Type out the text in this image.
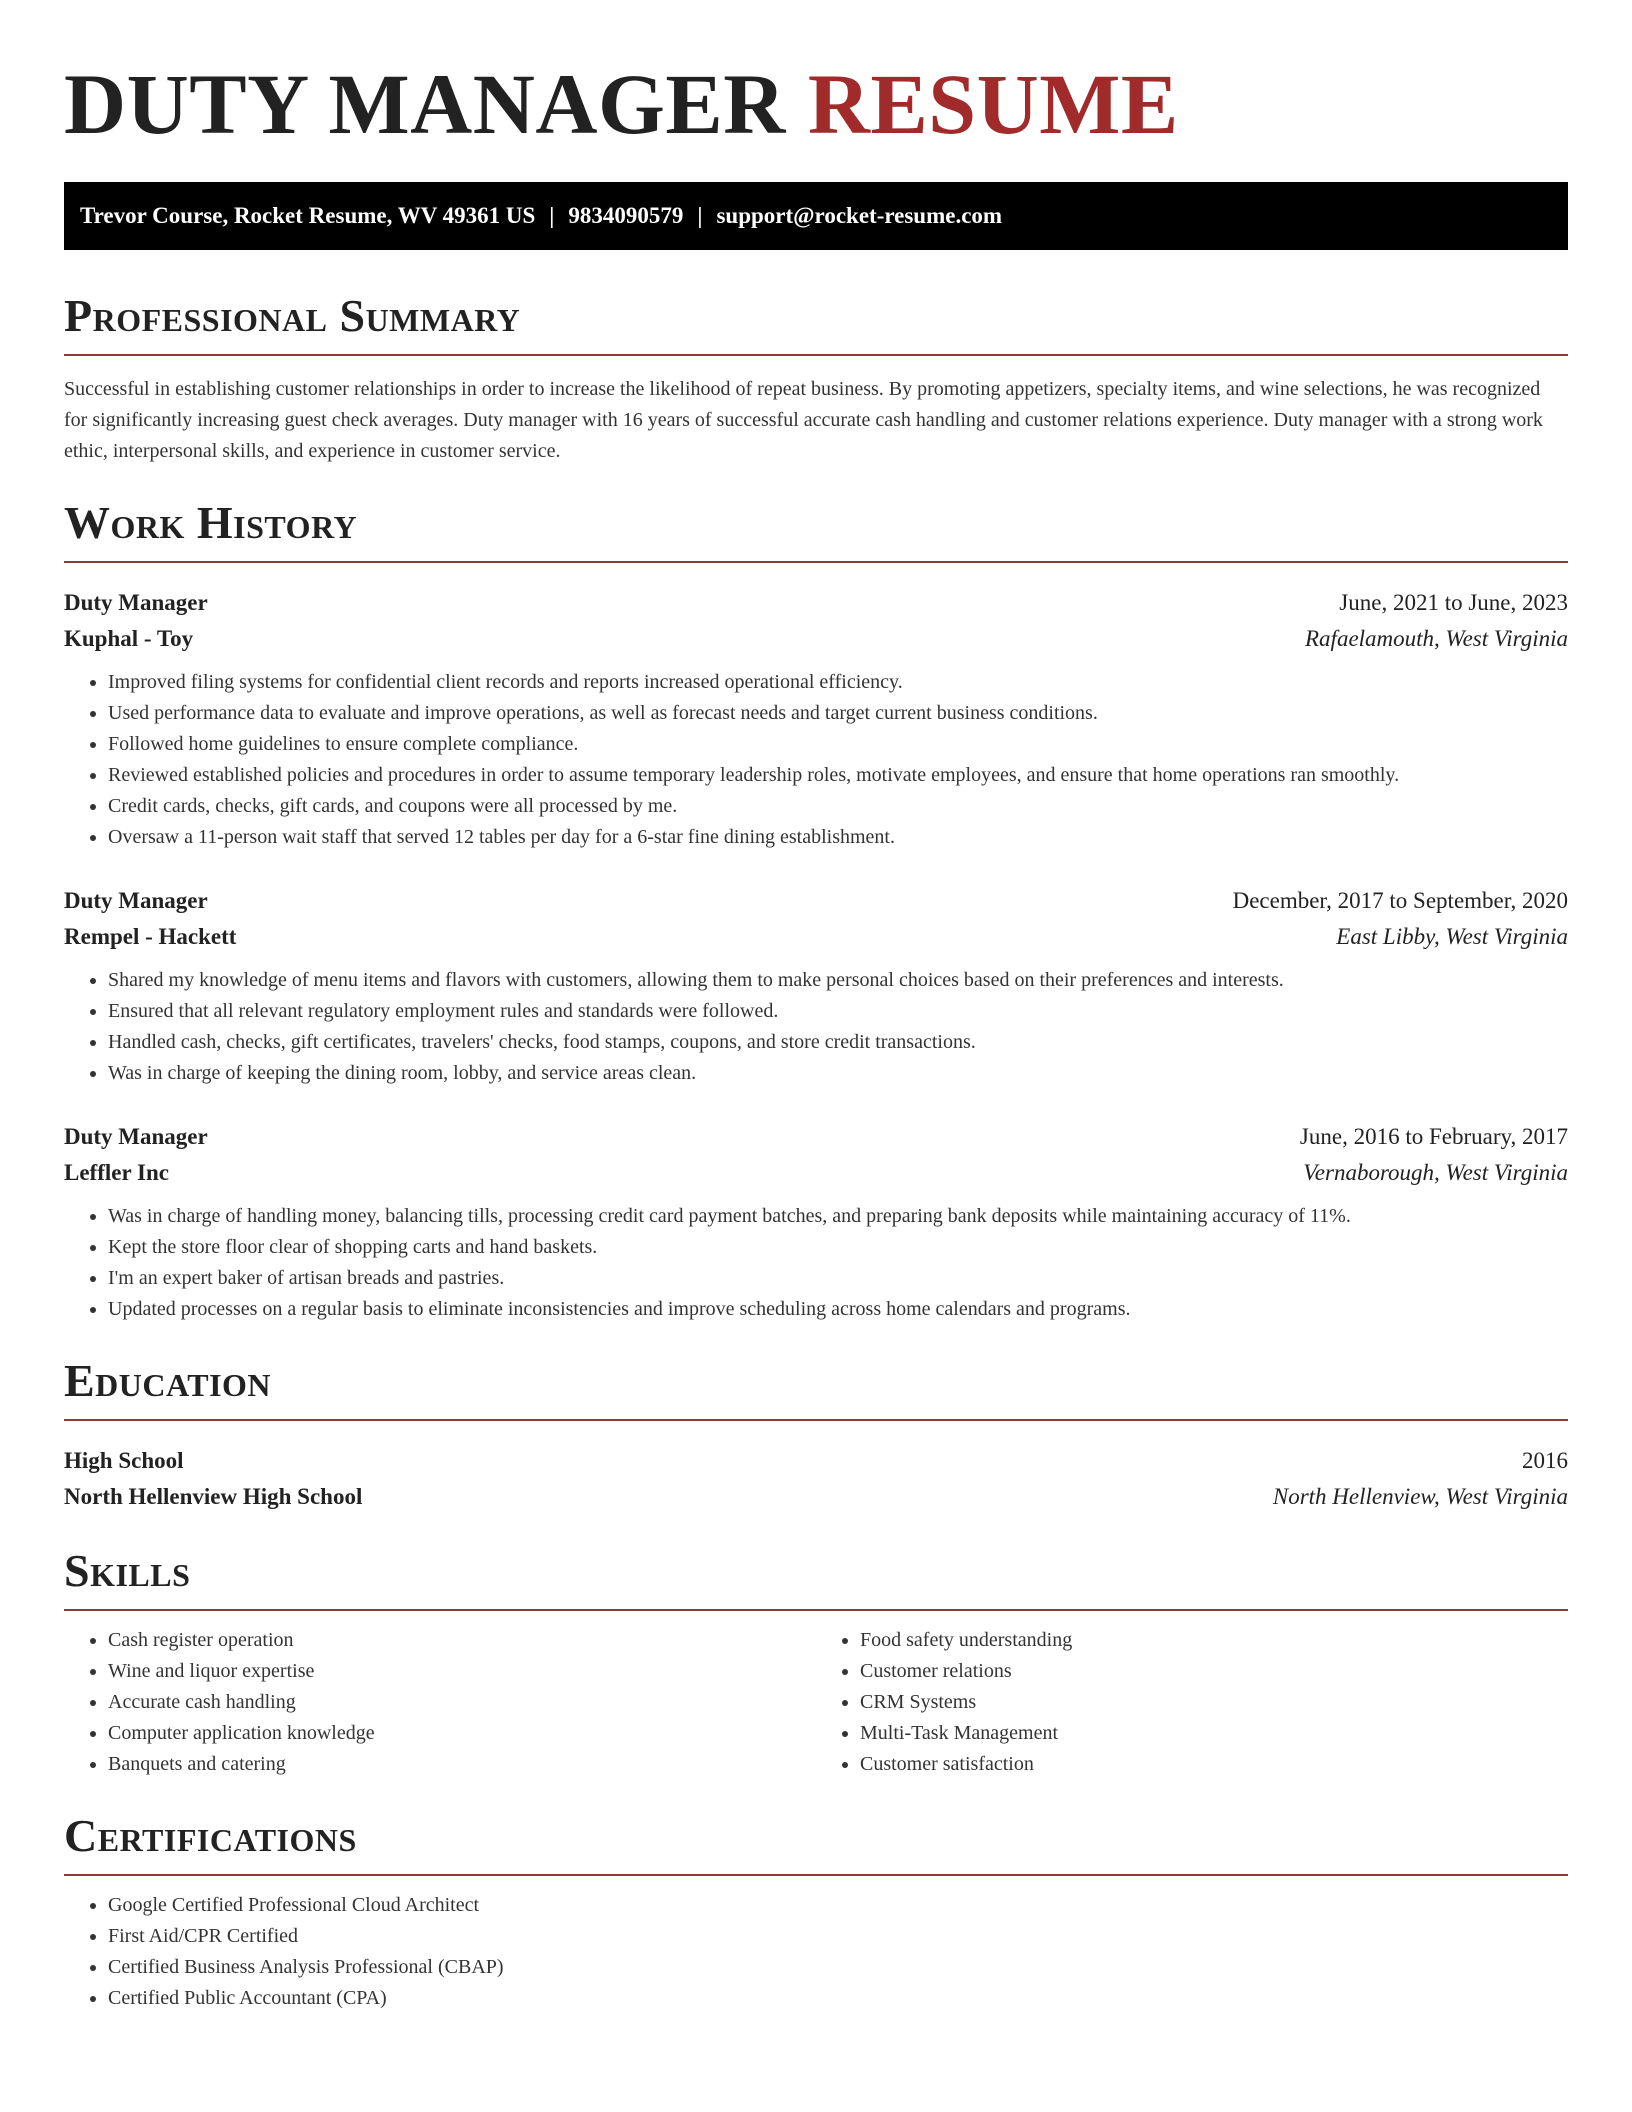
DUTY MANAGER RESUME
Trevor Course, Rocket Resume, WV 49361 US | 9834090579 | support@rocket-resume.com
Professional Summary

Successful in establishing customer relationships in order to increase the likelihood of repeat business. By promoting appetizers, specialty items, and wine selections, he was recognized for significantly increasing guest check averages. Duty manager with 16 years of successful accurate cash handling and customer relations experience. Duty manager with a strong work ethic, interpersonal skills, and experience in customer service.

Work History
Duty Manager	June, 2021 to June, 2023
Kuphal - Toy	Rafaelamouth, West Virginia
• Improved filing systems for confidential client records and reports increased operational efficiency.
• Used performance data to evaluate and improve operations, as well as forecast needs and target current business conditions.
• Followed home guidelines to ensure complete compliance.
• Reviewed established policies and procedures in order to assume temporary leadership roles, motivate employees, and ensure that home operations ran smoothly.
• Credit cards, checks, gift cards, and coupons were all processed by me.
• Oversaw a 11-person wait staff that served 12 tables per day for a 6-star fine dining establishment.
Duty Manager	December, 2017 to September, 2020
Rempel - Hackett	East Libby, West Virginia
• Shared my knowledge of menu items and flavors with customers, allowing them to make personal choices based on their preferences and interests.
• Ensured that all relevant regulatory employment rules and standards were followed.
• Handled cash, checks, gift certificates, travelers' checks, food stamps, coupons, and store credit transactions.
• Was in charge of keeping the dining room, lobby, and service areas clean.
Duty Manager	June, 2016 to February, 2017
Leffler Inc	Vernaborough, West Virginia
• Was in charge of handling money, balancing tills, processing credit card payment batches, and preparing bank deposits while maintaining accuracy of 11%.
• Kept the store floor clear of shopping carts and hand baskets.
• I'm an expert baker of artisan breads and pastries.
• Updated processes on a regular basis to eliminate inconsistencies and improve scheduling across home calendars and programs.
Education
High School	2016
North Hellenview High School	North Hellenview, West Virginia
Skills
• Cash register operation
• Wine and liquor expertise
• Accurate cash handling
• Computer application knowledge
• Banquets and catering
• Food safety understanding
• Customer relations
• CRM Systems
• Multi-Task Management
• Customer satisfaction
Certifications
• Google Certified Professional Cloud Architect
• First Aid/CPR Certified
• Certified Business Analysis Professional (CBAP)
• Certified Public Accountant (CPA)
